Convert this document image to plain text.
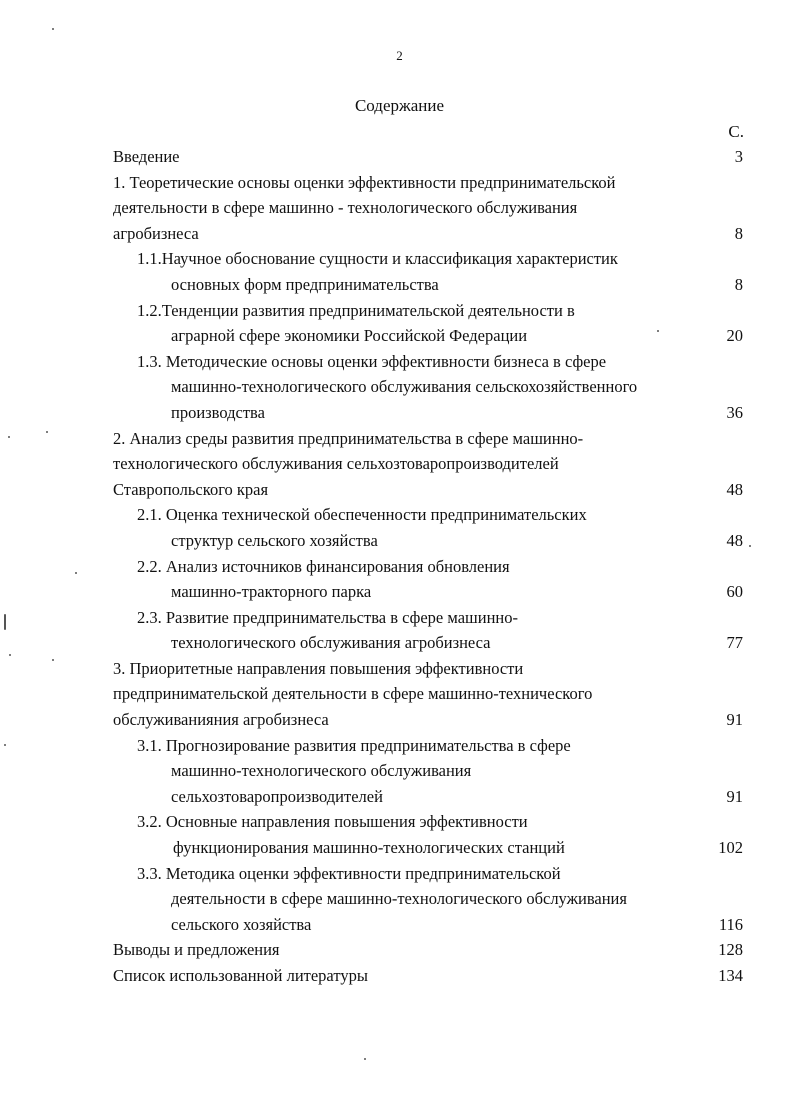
2
Содержание
С.
Введение	3
1. Теоретические основы оценки эффективности предпринимательской
деятельности в сфере машинно - технологического обслуживания
агробизнеса	8
1.1.Научное обоснование сущности и классификация характеристик
основных форм предпринимательства	8
1.2.Тенденции развития предпринимательской деятельности в
аграрной сфере экономики Российской Федерации	20
1.3. Методические основы оценки эффективности бизнеса в сфере
машинно-технологического обслуживания сельскохозяйственного
производства	36
2. Анализ среды развития предпринимательства в сфере машинно-
технологического обслуживания сельхозтоваропроизводителей
Ставропольского края	48
2.1. Оценка технической обеспеченности предпринимательских
структур сельского хозяйства	48
2.2. Анализ источников финансирования обновления
машинно-тракторного парка	60
2.3. Развитие предпринимательства в сфере машинно-
технологического обслуживания агробизнеса	77
3. Приоритетные направления повышения эффективности
предпринимательской деятельности в сфере машинно-технического
обслуживанияния агробизнеса	91
3.1. Прогнозирование развития предпринимательства в сфере
машинно-технологического обслуживания
сельхозтоваропроизводителей	91
3.2. Основные направления повышения эффективности
функционирования машинно-технологических станций	102
3.3. Методика оценки эффективности предпринимательской
деятельности в сфере машинно-технологического обслуживания
сельского хозяйства	116
Выводы и предложения	128
Список использованной литературы	134
